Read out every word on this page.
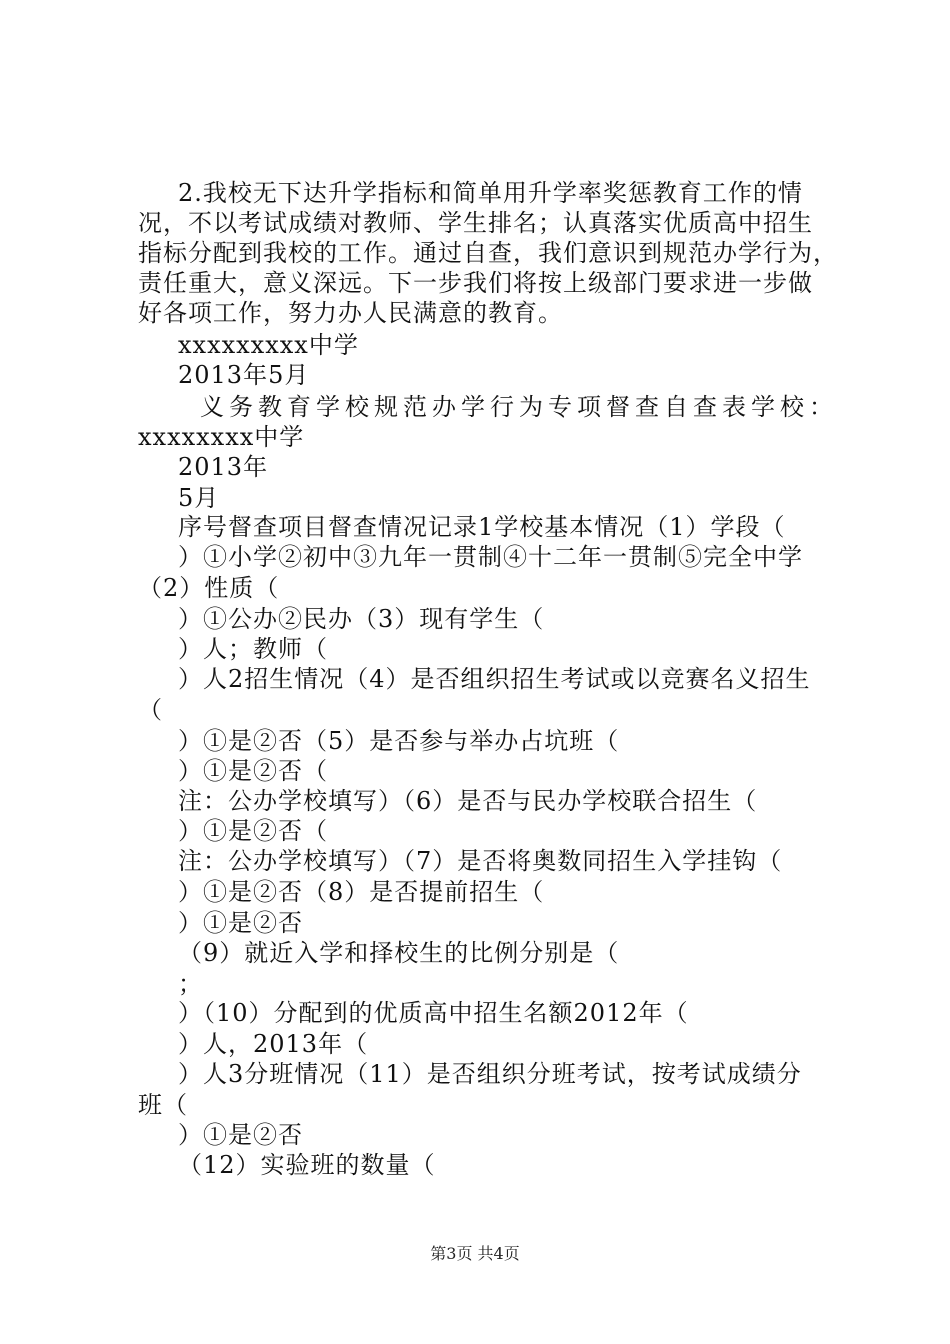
2.我校无下达升学指标和简单用升学率奖惩教育工作的情
况，不以考试成绩对教师、学生排名；认真落实优质高中招生
指标分配到我校的工作。通过自查，我们意识到规范办学行为，
责任重大，意义深远。下一步我们将按上级部门要求进一步做
好各项工作，努力办人民满意的教育。
xxxxxxxxx中学
2013年5月
义务教育学校规范办学行为专项督查自查表学校：
xxxxxxxx中学
2013年
5月
序号督查项目督查情况记录1学校基本情况（1）学段（
）①小学②初中③九年一贯制④十二年一贯制⑤完全中学
（2）性质（
）①公办②民办（3）现有学生（
）人；教师（
）人2招生情况（4）是否组织招生考试或以竞赛名义招生
（
）①是②否（5）是否参与举办占坑班（
）①是②否（
注：公办学校填写）（6）是否与民办学校联合招生（
）①是②否（
注：公办学校填写）（7）是否将奥数同招生入学挂钩（
）①是②否（8）是否提前招生（
）①是②否
（9）就近入学和择校生的比例分别是（
；
）（10）分配到的优质高中招生名额2012年（
）人，2013年（
）人3分班情况（11）是否组织分班考试，按考试成绩分
班（
）①是②否
（12）实验班的数量（
第3页 共4页
